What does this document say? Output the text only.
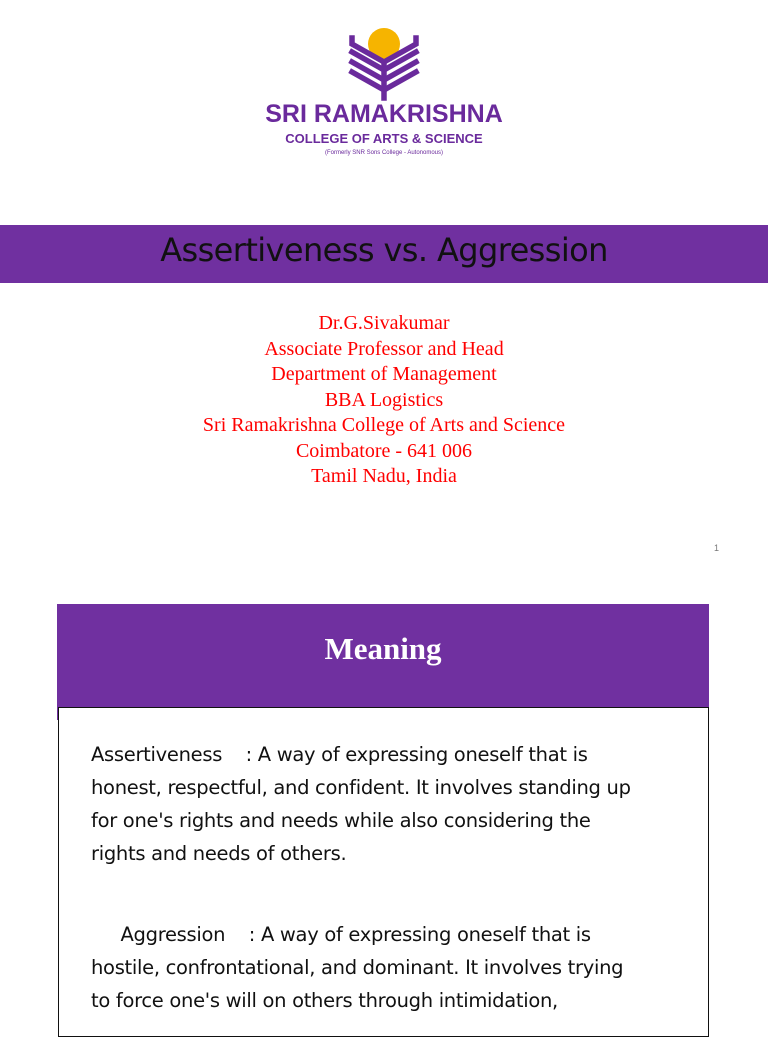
SRI RAMAKRISHNA
COLLEGE OF ARTS & SCIENCE
(Formerly SNR Sons College - Autonomous)
Assertiveness vs. Aggression
Dr.G.Sivakumar
Associate Professor and Head
Department of Management
BBA Logistics
Sri Ramakrishna College of Arts and Science
Coimbatore - 641 006
Tamil Nadu, India
1
Meaning
Assertiveness    : A way of expressing oneself that is
honest, respectful, and confident. It involves standing up
for one's rights and needs while also considering the
rights and needs of others.
Aggression    : A way of expressing oneself that is
hostile, confrontational, and dominant. It involves trying
to force one's will on others through intimidation,
